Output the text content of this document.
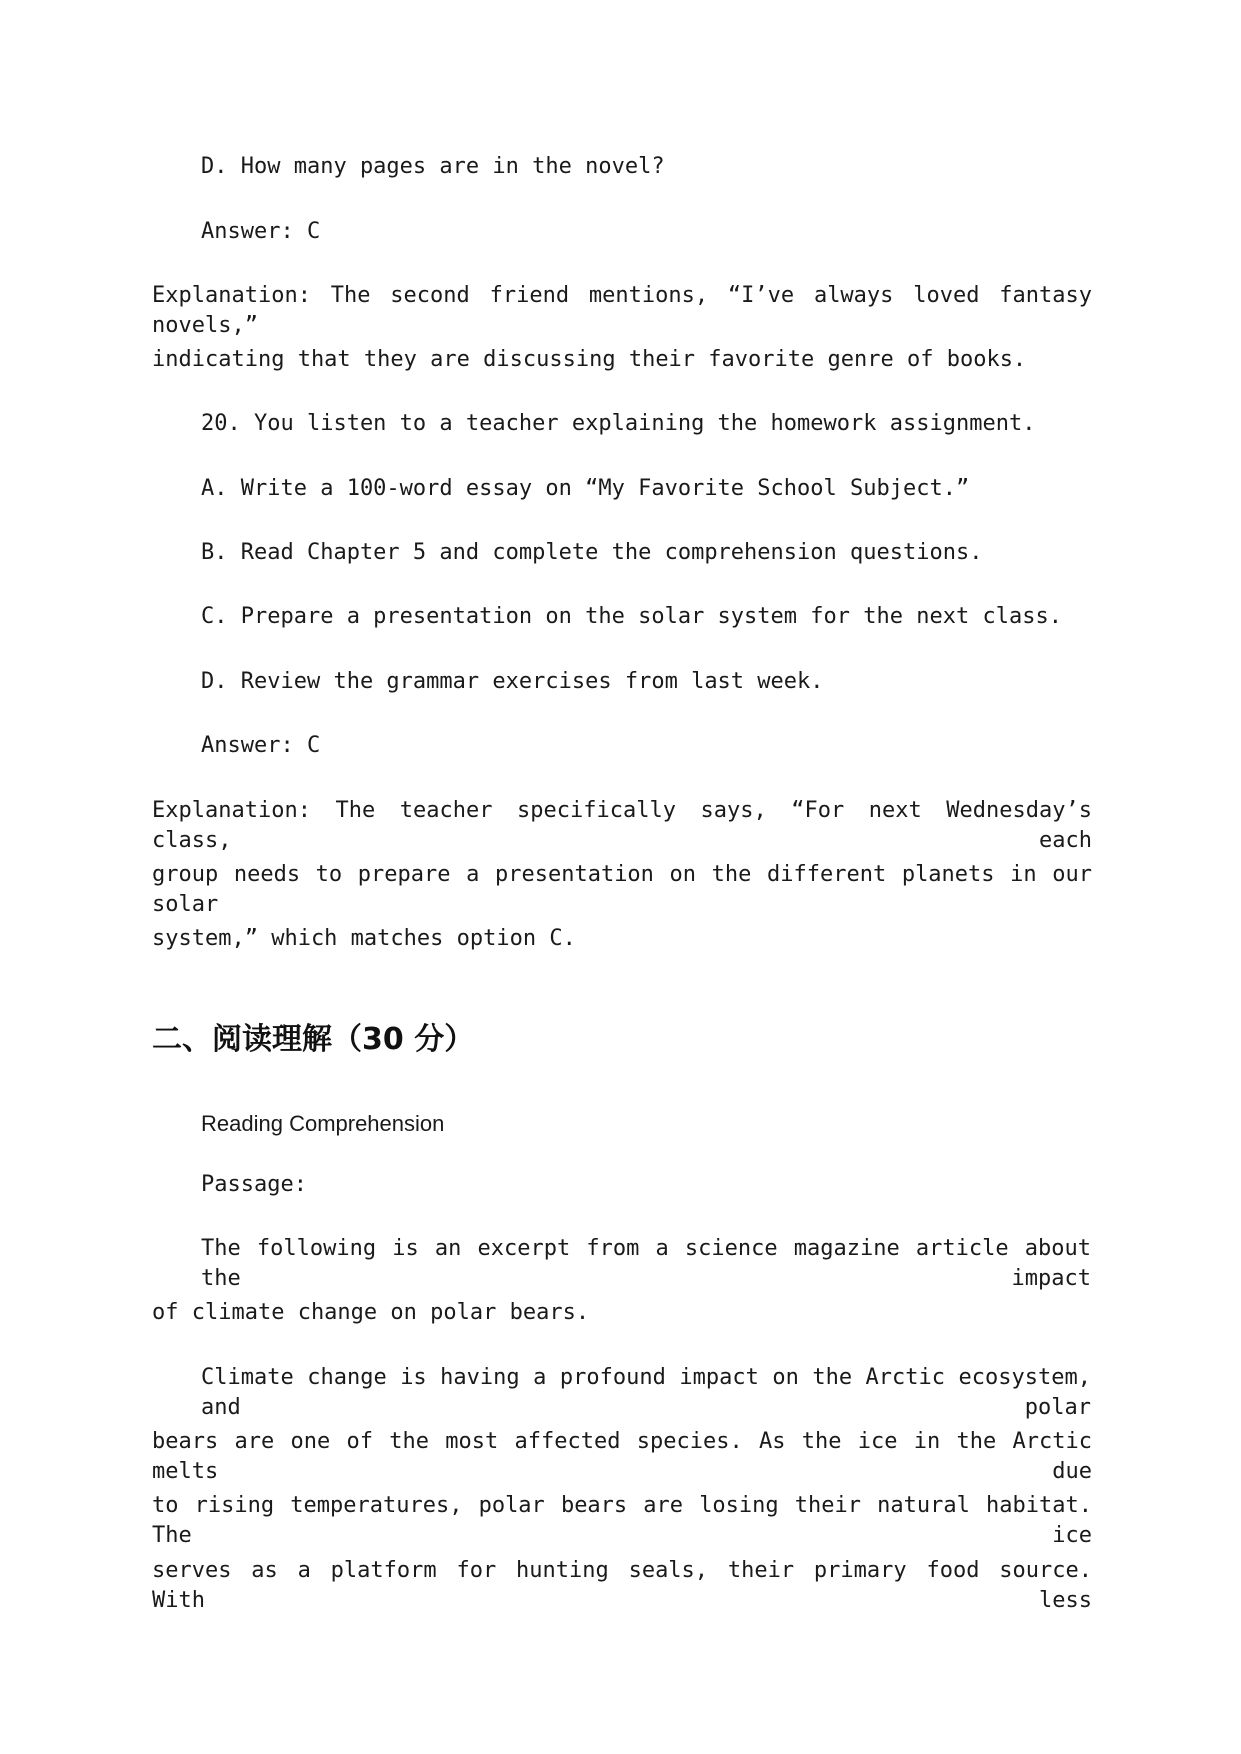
D. How many pages are in the novel?
Answer: C
Explanation: The second friend mentions, “I’ve always loved fantasy novels,”
indicating that they are discussing their favorite genre of books.
20. You listen to a teacher explaining the homework assignment.
A. Write a 100-word essay on “My Favorite School Subject.”
B. Read Chapter 5 and complete the comprehension questions.
C. Prepare a presentation on the solar system for the next class.
D. Review the grammar exercises from last week.
Answer: C
Explanation: The teacher specifically says, “For next Wednesday’s class, each
group needs to prepare a presentation on the different planets in our solar
system,” which matches option C.
二、阅读理解（30 分）
Reading Comprehension
Passage:
The following is an excerpt from a science magazine article about the impact
of climate change on polar bears.
Climate change is having a profound impact on the Arctic ecosystem, and polar
bears are one of the most affected species. As the ice in the Arctic melts due
to rising temperatures, polar bears are losing their natural habitat. The ice
serves as a platform for hunting seals, their primary food source. With less
